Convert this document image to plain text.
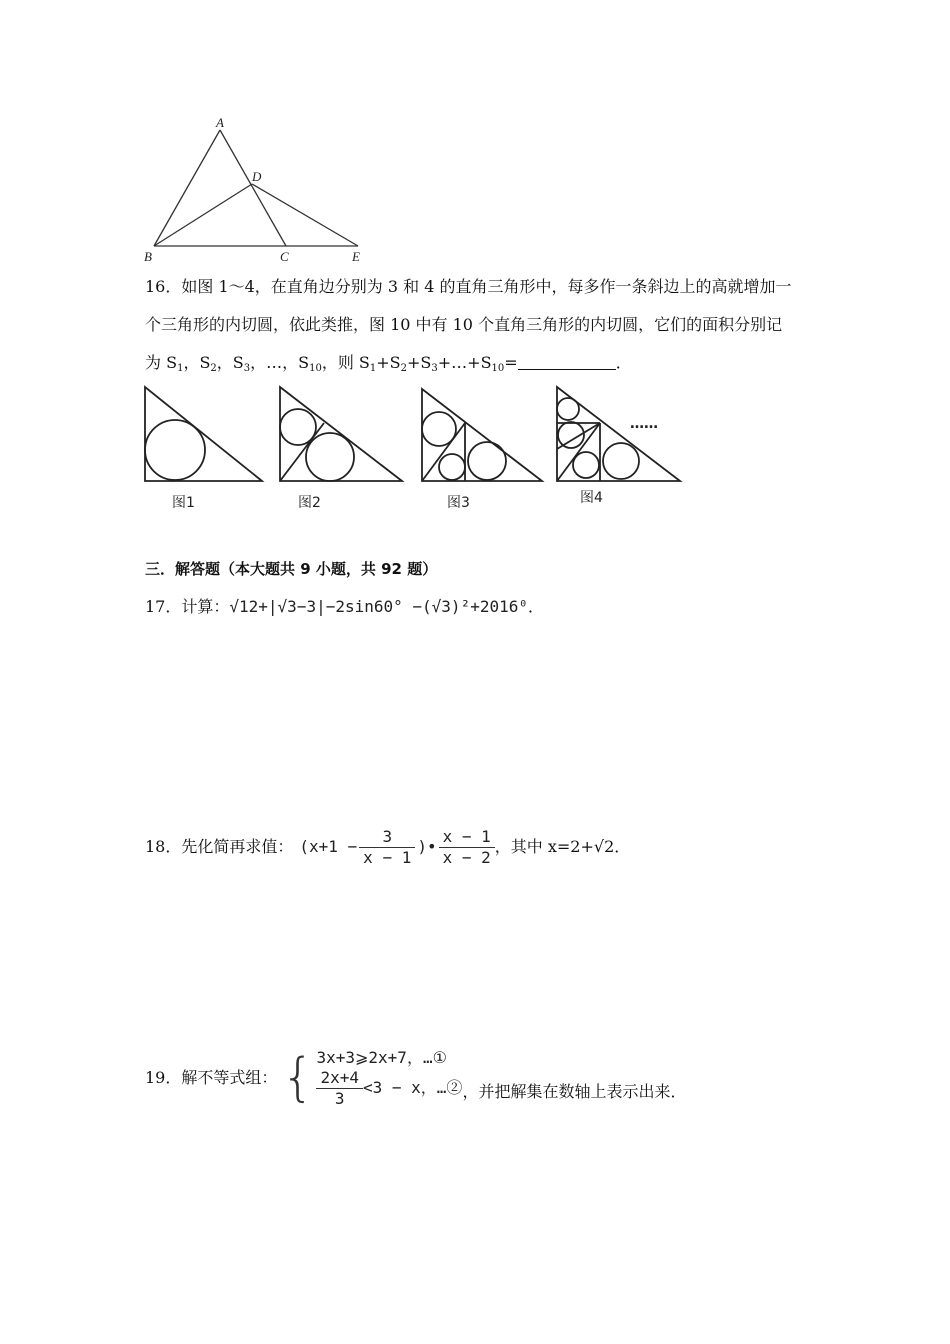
A
D
B	C	E
16．如图 1～4，在直角边分别为 3 和 4 的直角三角形中，每多作一条斜边上的高就增加一
个三角形的内切圆，依此类推，图 10 中有 10 个直角三角形的内切圆，它们的面积分别记
为 $S_1$，$S_2$，$S_3$，…，$S_{10}$，则 $S_1+S_2+S_3+\dots+S_{10}=$	．
……
图1	图2	图3	图4
三．解答题（本大题共 9 小题，共 92 题）
17．计算：√12+|√3−3|−2sin60° −(√3)²+2016⁰．
18．先化简再求值： ($x+1 - \frac{3}{x - 1}$ )• $\frac{x - 1}{x - 2}$ ，其中 x=2+√2．
19．解不等式组： { 3x+3⩾2x+7，…①
$\frac{2x+4}{3} <3 - x$，…② ，并把解集在数轴上表示出来．
